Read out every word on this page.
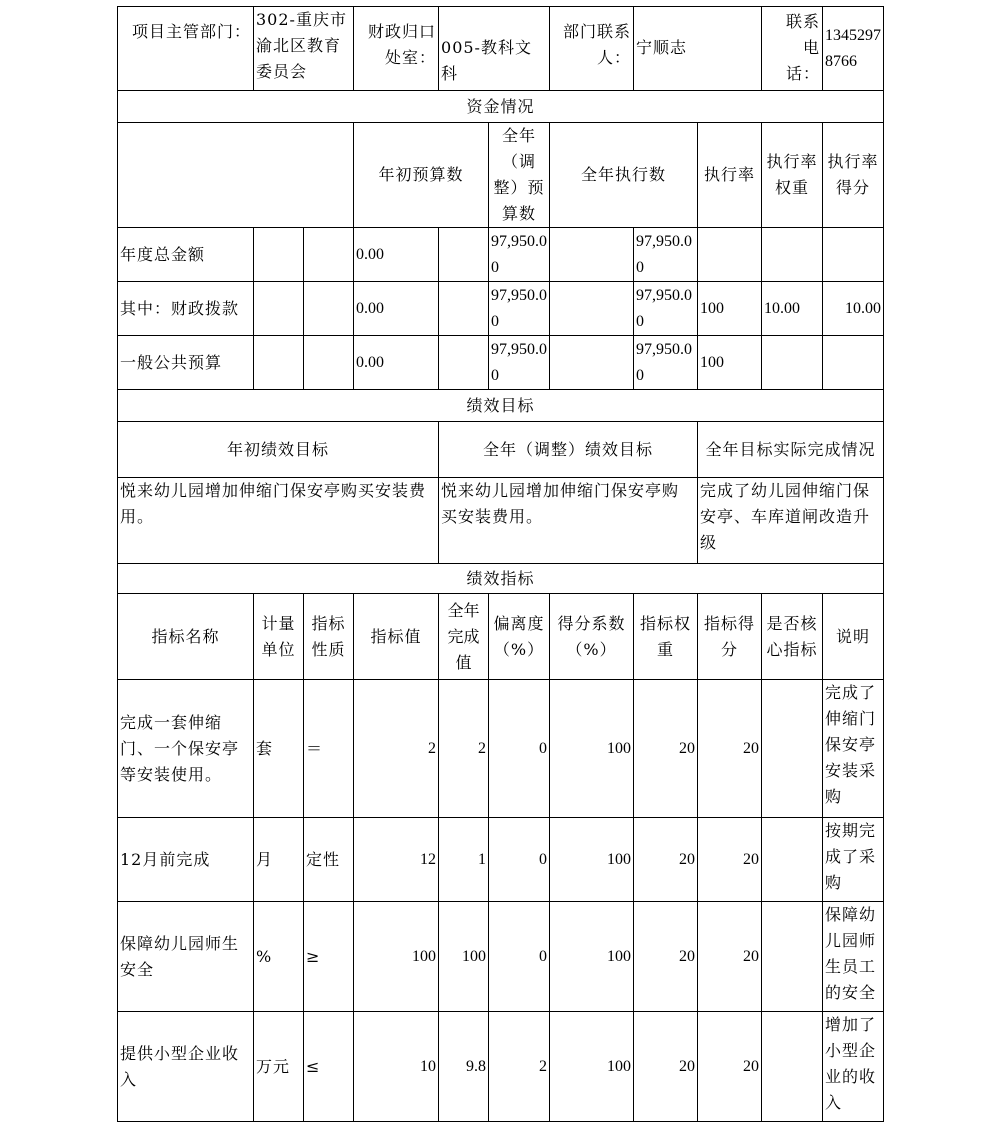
项目主管部门：	302-重庆市渝北区教育委员会		财政归口处室：	005-教科文科		部门联系人：	宁顺志		联系电话：	13452978766
资金情况										
			年初预算数		全年（调整）预算数	全年执行数		执行率	执行率权重	执行率得分
年度总金额			0.00		97,950.00		97,950.00			
其中：财政拨款			0.00		97,950.00		97,950.00	100	10.00	10.00
一般公共预算			0.00		97,950.00		97,950.00	100		
绩效目标										
年初绩效目标				全年（调整）绩效目标				全年目标实际完成情况		
悦来幼儿园增加伸缩门保安亭购买安装费用。				悦来幼儿园增加伸缩门保安亭购买安装费用。				完成了幼儿园伸缩门保安亭、车库道闸改造升级		
绩效指标										
指标名称	计量单位	指标性质	指标值	全年完成值	偏离度（%）	得分系数（%）	指标权重	指标得分	是否核心指标	说明
完成一套伸缩门、一个保安亭等安装使用。	套	＝	2	2	0	100	20	20		完成了伸缩门保安亭安装采购
12月前完成	月	定性	12	1	0	100	20	20		按期完成了采购
保障幼儿园师生安全	%	≥	100	100	0	100	20	20		保障幼儿园师生员工的安全
提供小型企业收入	万元	≤	10	9.8	2	100	20	20		增加了小型企业的收入
